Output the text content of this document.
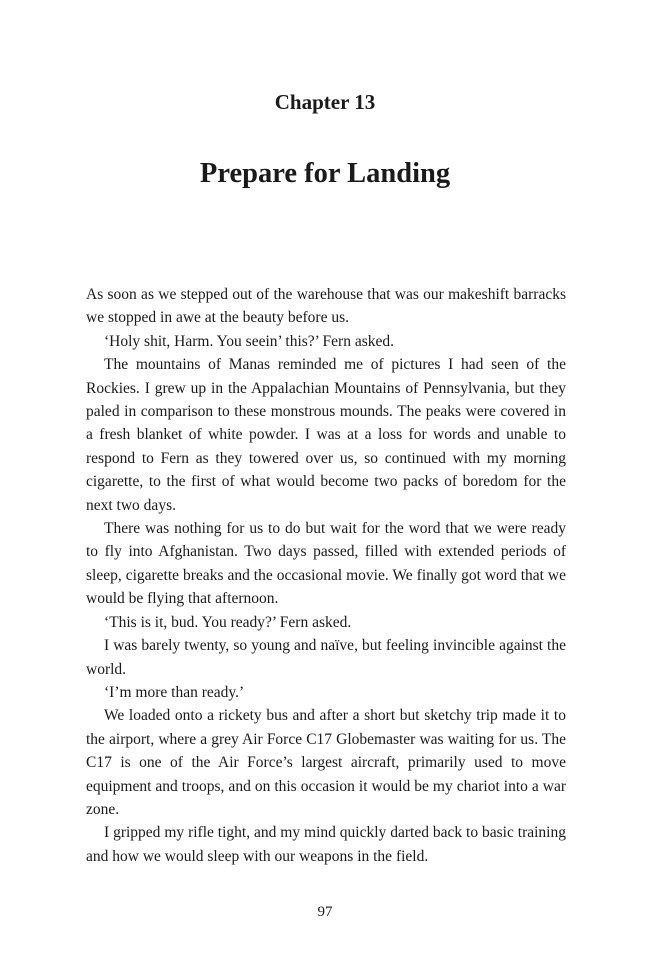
Chapter 13
Prepare for Landing

As soon as we stepped out of the warehouse that was our makeshift barracks we stopped in awe at the beauty before us.

‘Holy shit, Harm. You seein’ this?’ Fern asked.

The mountains of Manas reminded me of pictures I had seen of the Rockies. I grew up in the Appalachian Mountains of Pennsylvania, but they paled in comparison to these monstrous mounds. The peaks were covered in a fresh blanket of white powder. I was at a loss for words and unable to respond to Fern as they towered over us, so continued with my morning cigarette, to the first of what would become two packs of boredom for the next two days.

There was nothing for us to do but wait for the word that we were ready to fly into Afghanistan. Two days passed, filled with extended periods of sleep, cigarette breaks and the occasional movie. We finally got word that we would be flying that afternoon.

‘This is it, bud. You ready?’ Fern asked.

I was barely twenty, so young and naïve, but feeling invincible against the world.

‘I’m more than ready.’

We loaded onto a rickety bus and after a short but sketchy trip made it to the airport, where a grey Air Force C17 Globemaster was waiting for us. The C17 is one of the Air Force’s largest aircraft, primarily used to move equipment and troops, and on this occasion it would be my chariot into a war zone.

I gripped my rifle tight, and my mind quickly darted back to basic training and how we would sleep with our weapons in the field.

97
